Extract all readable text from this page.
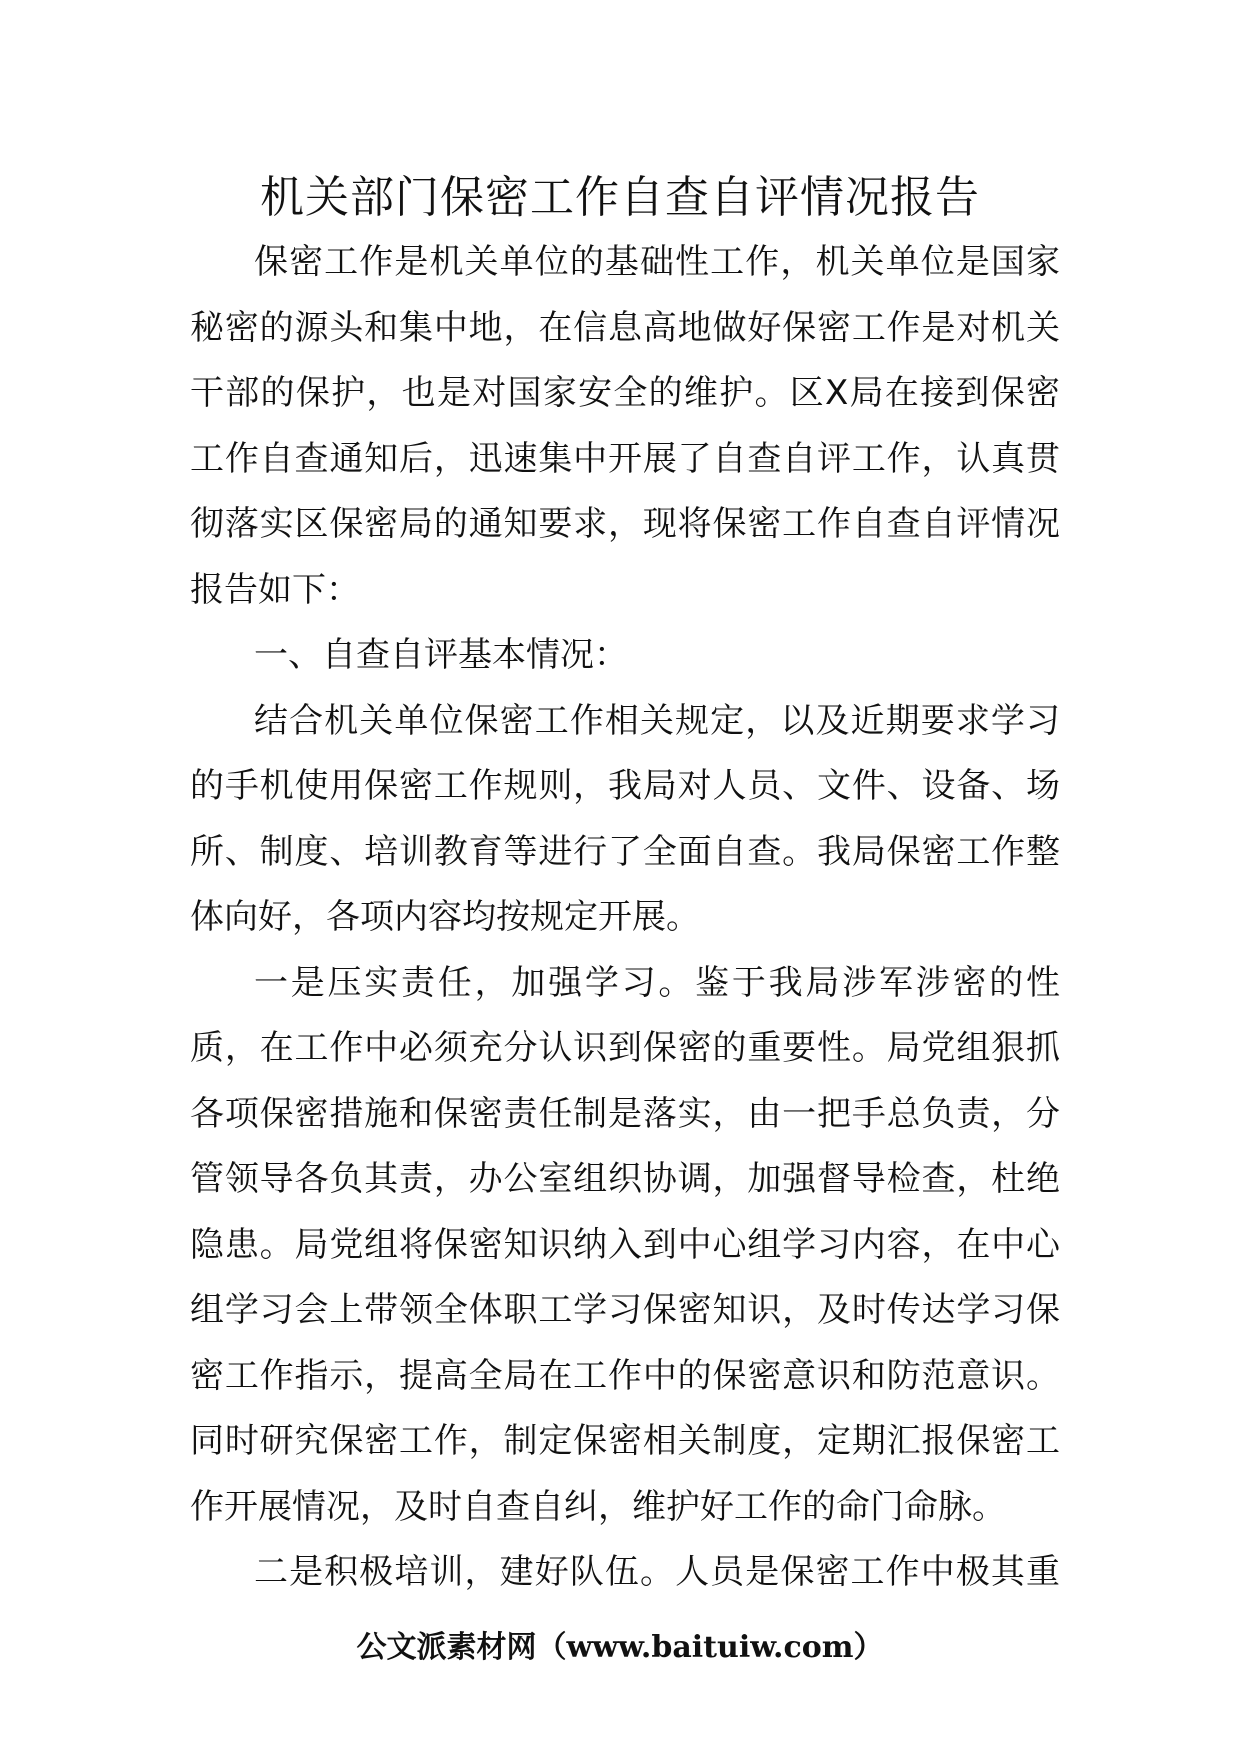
机关部门保密工作自查自评情况报告
保密工作是机关单位的基础性工作，机关单位是国家
秘密的源头和集中地，在信息高地做好保密工作是对机关
干部的保护，也是对国家安全的维护。区X局在接到保密
工作自查通知后，迅速集中开展了自查自评工作，认真贯
彻落实区保密局的通知要求，现将保密工作自查自评情况
报告如下：
一、自查自评基本情况：
结合机关单位保密工作相关规定，以及近期要求学习
的手机使用保密工作规则，我局对人员、文件、设备、场
所、制度、培训教育等进行了全面自查。我局保密工作整
体向好，各项内容均按规定开展。
一是压实责任，加强学习。鉴于我局涉军涉密的性
质，在工作中必须充分认识到保密的重要性。局党组狠抓
各项保密措施和保密责任制是落实，由一把手总负责，分
管领导各负其责，办公室组织协调，加强督导检查，杜绝
隐患。局党组将保密知识纳入到中心组学习内容，在中心
组学习会上带领全体职工学习保密知识，及时传达学习保
密工作指示，提高全局在工作中的保密意识和防范意识。
同时研究保密工作，制定保密相关制度，定期汇报保密工
作开展情况，及时自查自纠，维护好工作的命门命脉。
二是积极培训，建好队伍。人员是保密工作中极其重
公文派素材网（www.baituiw.com）
